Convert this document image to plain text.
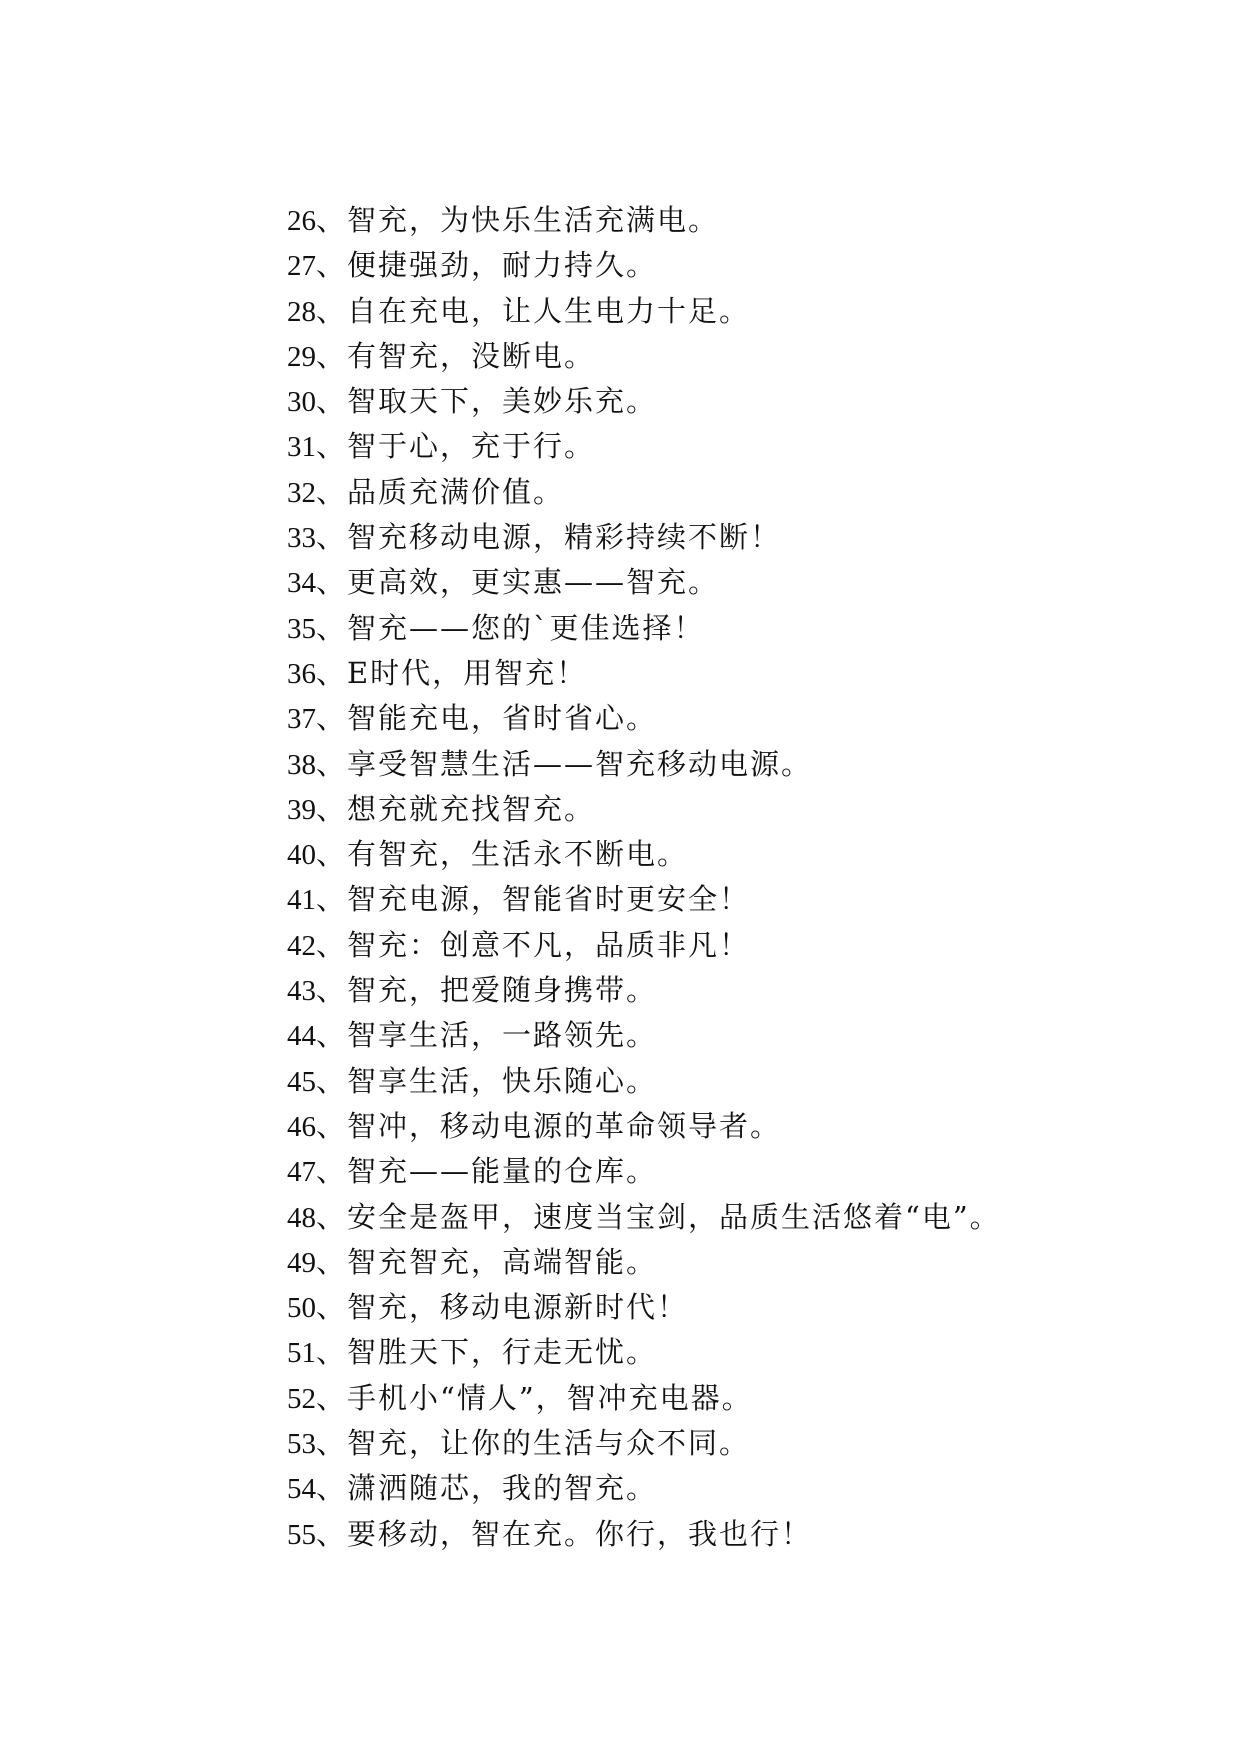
26、智充，为快乐生活充满电。
27、便捷强劲，耐力持久。
28、自在充电，让人生电力十足。
29、有智充，没断电。
30、智取天下，美妙乐充。
31、智于心，充于行。
32、品质充满价值。
33、智充移动电源，精彩持续不断！
34、更高效，更实惠——智充。
35、智充——您的`更佳选择！
36、E时代，用智充！
37、智能充电，省时省心。
38、享受智慧生活——智充移动电源。
39、想充就充找智充。
40、有智充，生活永不断电。
41、智充电源，智能省时更安全！
42、智充：创意不凡，品质非凡！
43、智充，把爱随身携带。
44、智享生活，一路领先。
45、智享生活，快乐随心。
46、智冲，移动电源的革命领导者。
47、智充——能量的仓库。
48、安全是盔甲，速度当宝剑，品质生活悠着“电”。
49、智充智充，高端智能。
50、智充，移动电源新时代！
51、智胜天下，行走无忧。
52、手机小“情人”，智冲充电器。
53、智充，让你的生活与众不同。
54、潇洒随芯，我的智充。
55、要移动，智在充。你行，我也行！
